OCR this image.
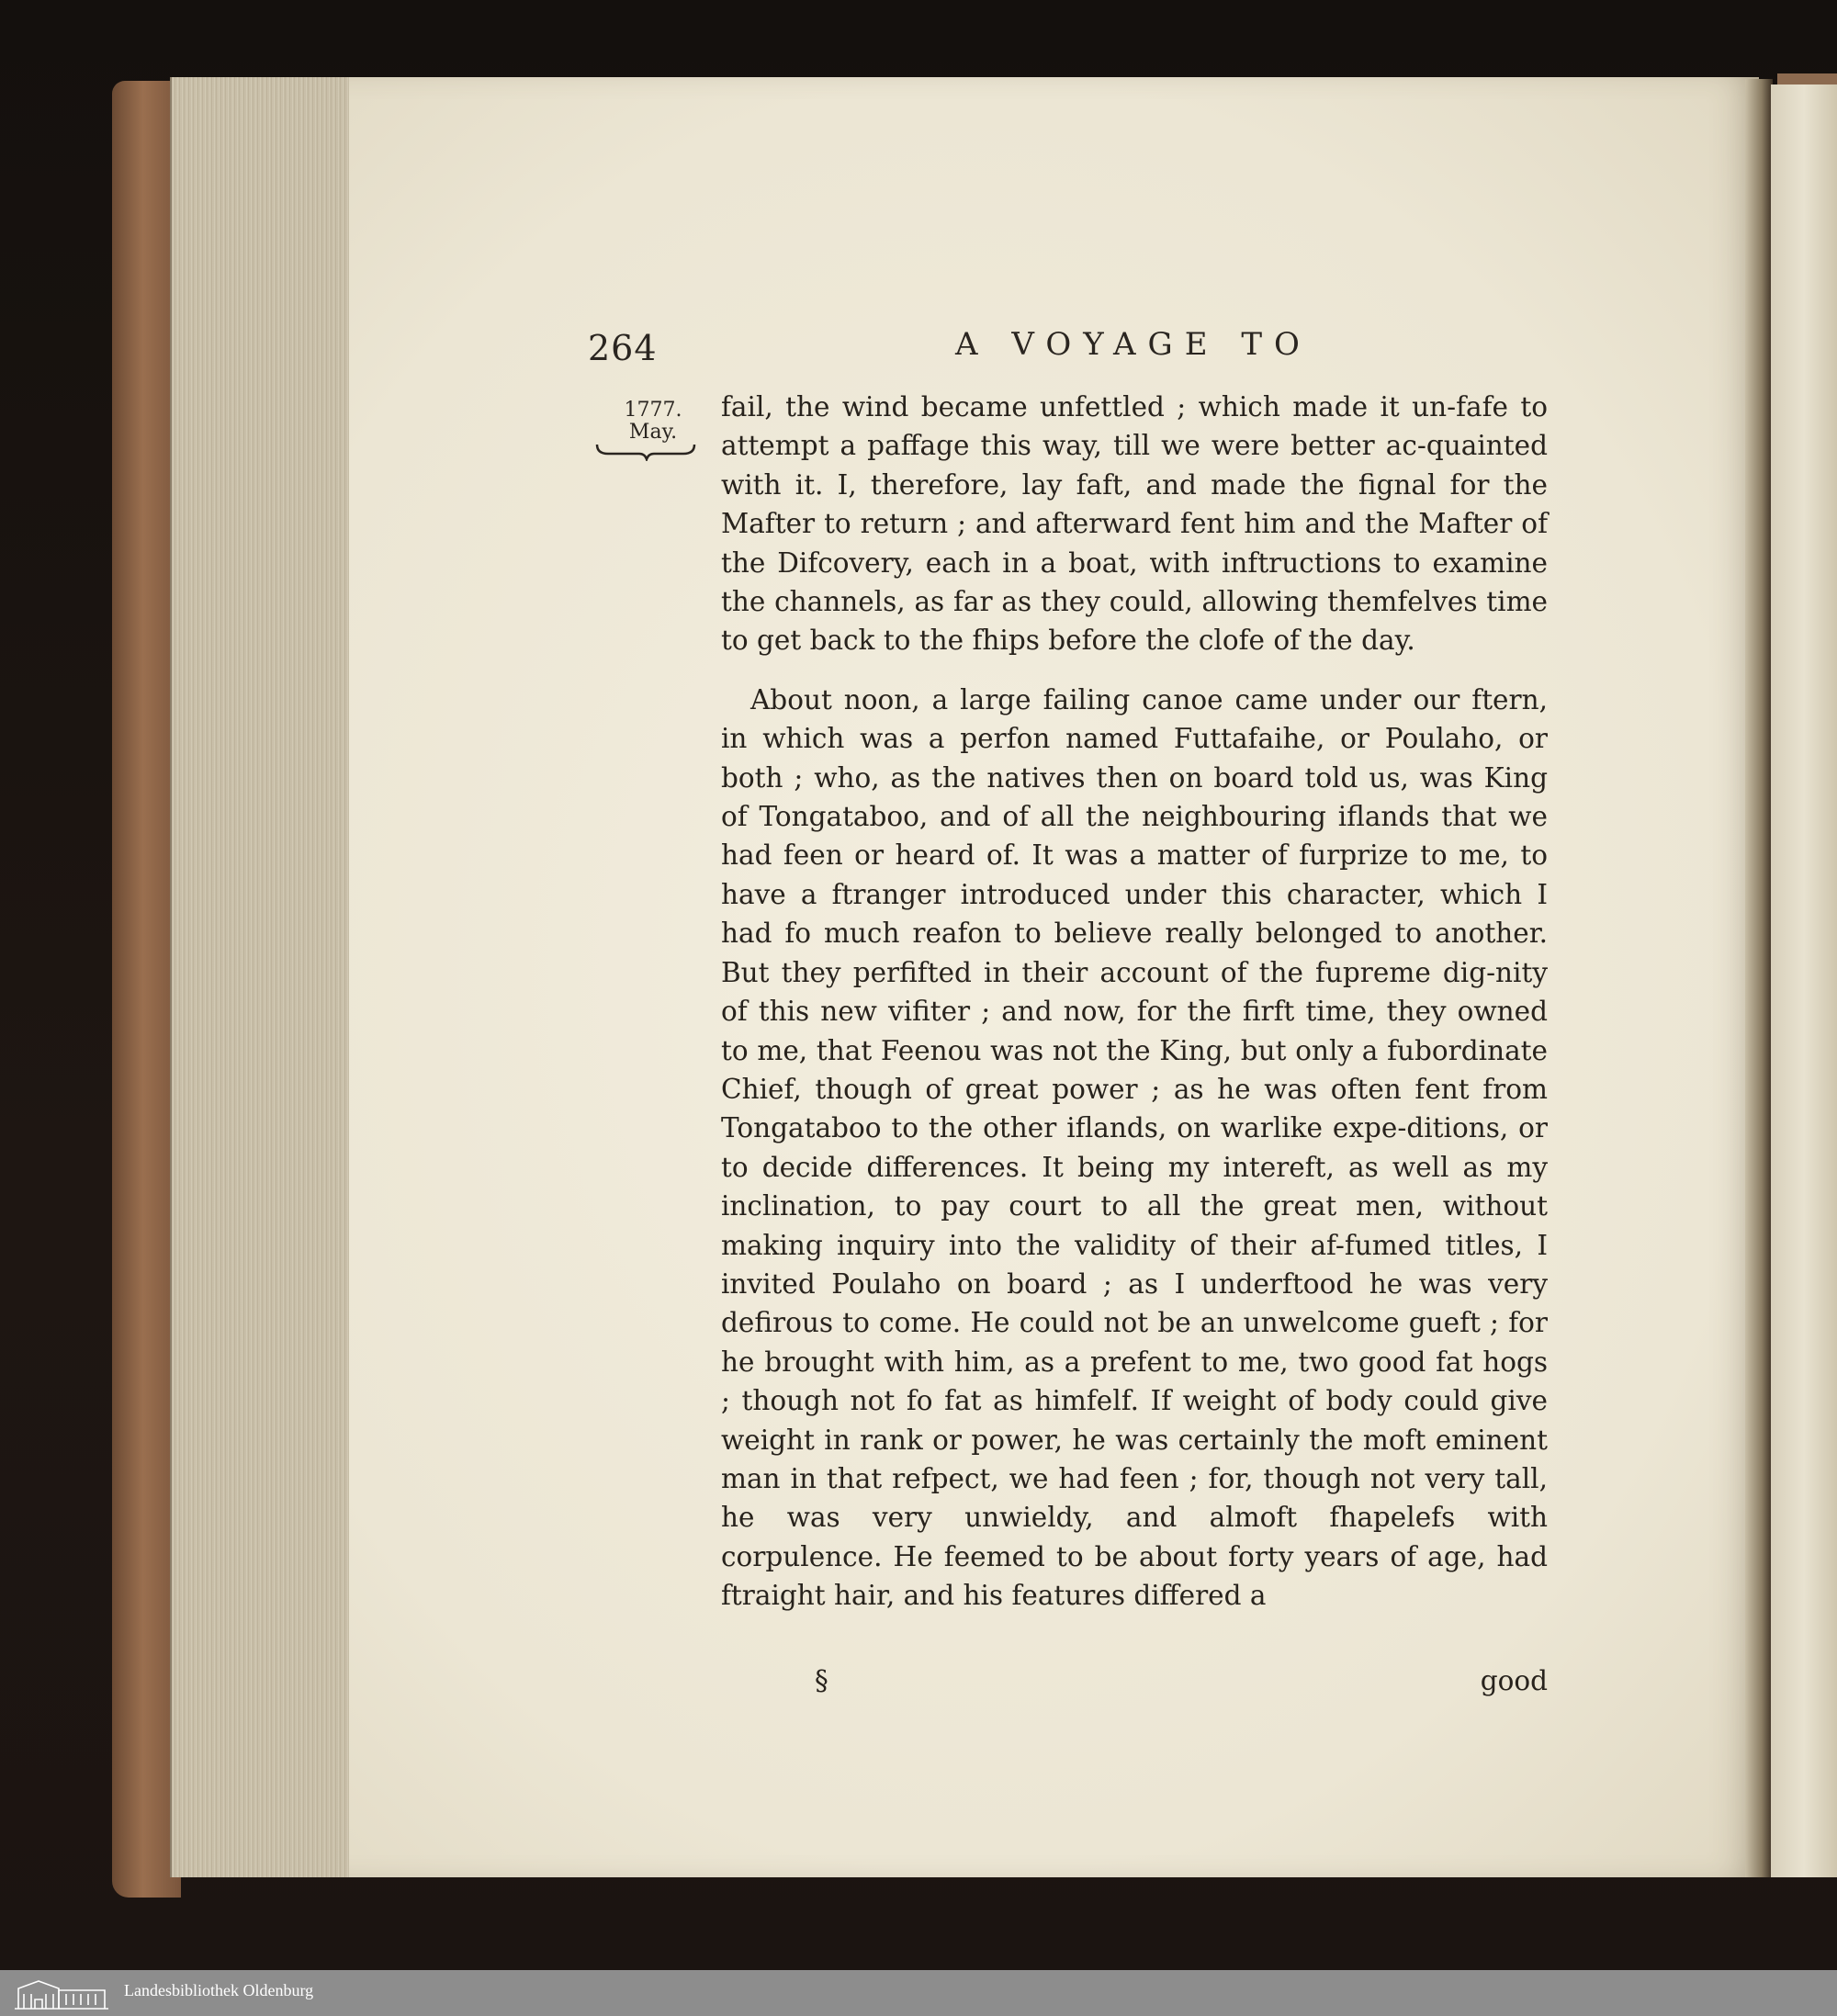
264	A VOYAGE TO
1777.
May.

fail, the wind became unfettled ; which made it un-fafe to attempt a paffage this way, till we were better ac-quainted with it. I, therefore, lay faft, and made the fignal for the Mafter to return ; and afterward fent him and the Mafter of the Difcovery, each in a boat, with inftructions to examine the channels, as far as they could, allowing themfelves time to get back to the fhips before the clofe of the day.

About noon, a large failing canoe came under our ftern, in which was a perfon named Futtafaihe, or Poulaho, or both ; who, as the natives then on board told us, was King of Tongataboo, and of all the neighbouring iflands that we had feen or heard of. It was a matter of furprize to me, to have a ftranger introduced under this character, which I had fo much reafon to believe really belonged to another. But they perfifted in their account of the fupreme dig-nity of this new vifiter ; and now, for the firft time, they owned to me, that Feenou was not the King, but only a fubordinate Chief, though of great power ; as he was often fent from Tongataboo to the other iflands, on warlike expe-ditions, or to decide differences. It being my intereft, as well as my inclination, to pay court to all the great men, without making inquiry into the validity of their af-fumed titles, I invited Poulaho on board ; as I underftood he was very defirous to come. He could not be an unwelcome gueft ; for he brought with him, as a prefent to me, two good fat hogs ; though not fo fat as himfelf. If weight of body could give weight in rank or power, he was certainly the moft eminent man in that refpect, we had feen ; for, though not very tall, he was very unwieldy, and almoft fhapelefs with corpulence. He feemed to be about forty years of age, had ftraight hair, and his features differed a

§	good
Landesbibliothek Oldenburg
